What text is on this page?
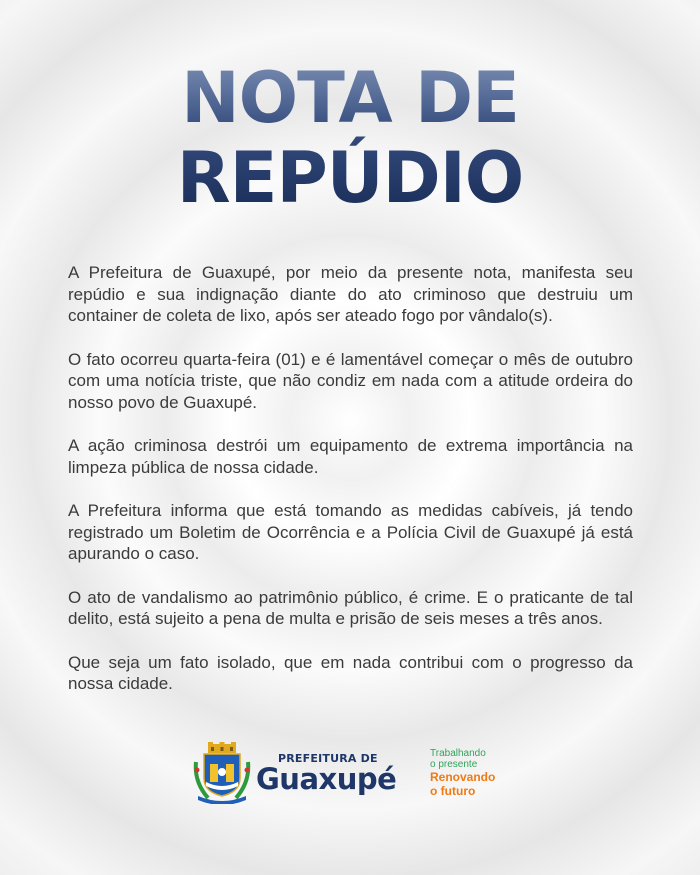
NOTA DE
REPÚDIO

A Prefeitura de Guaxupé, por meio da presente nota, manifesta seu repúdio e sua indignação diante do ato criminoso que destruiu um container de coleta de lixo, após ser ateado fogo por vândalo(s).

O fato ocorreu quarta-feira (01) e é lamentável começar o mês de outubro com uma notícia triste, que não condiz em nada com a atitude ordeira do nosso povo de Guaxupé.

A ação criminosa destrói um equipamento de extrema importância na limpeza pública de nossa cidade.

A Prefeitura informa que está tomando as medidas cabíveis, já tendo registrado um Boletim de Ocorrência e a Polícia Civil de Guaxupé já está apurando o caso.

O ato de vandalismo ao patrimônio público, é crime. E o praticante de tal delito, está sujeito a pena de multa e prisão de seis meses a três anos.

Que seja um fato isolado, que em nada contribui com o progresso da nossa cidade.

PREFEITURA DE
Guaxupé
Trabalhando
o presente
Renovando
o futuro
